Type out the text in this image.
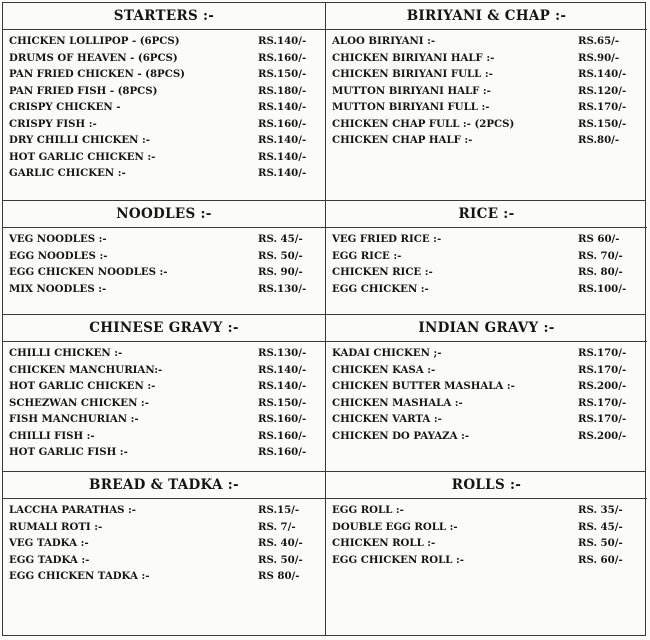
STARTERS :-
CHICKEN LOLLIPOP - (6PCS)	RS.140/-
DRUMS OF HEAVEN - (6PCS)	RS.160/-
PAN FRIED CHICKEN - (8PCS)	RS.150/-
PAN FRIED FISH - (8PCS)	RS.180/-
CRISPY CHICKEN -	RS.140/-
CRISPY FISH :-	RS.160/-
DRY CHILLI CHICKEN :-	RS.140/-
HOT GARLIC CHICKEN :-	RS.140/-
GARLIC CHICKEN :-	RS.140/-
BIRIYANI & CHAP :-
ALOO BIRIYANI :-	RS.65/-
CHICKEN BIRIYANI HALF :-	RS.90/-
CHICKEN BIRIYANI FULL :-	RS.140/-
MUTTON BIRIYANI HALF :-	RS.120/-
MUTTON BIRIYANI FULL :-	RS.170/-
CHICKEN CHAP FULL :- (2PCS)	RS.150/-
CHICKEN CHAP HALF :-	RS.80/-
NOODLES :-
VEG NOODLES :-	RS. 45/-
EGG NOODLES :-	RS. 50/-
EGG CHICKEN NOODLES :-	RS. 90/-
MIX NOODLES :-	RS.130/-
RICE :-
VEG FRIED RICE :-	RS 60/-
EGG RICE :-	RS. 70/-
CHICKEN RICE :-	RS. 80/-
EGG CHICKEN :-	RS.100/-
CHINESE GRAVY :-
CHILLI CHICKEN :-	RS.130/-
CHICKEN MANCHURIAN:-	RS.140/-
HOT GARLIC CHICKEN :-	RS.140/-
SCHEZWAN CHICKEN :-	RS.150/-
FISH MANCHURIAN :-	RS.160/-
CHILLI FISH :-	RS.160/-
HOT GARLIC FISH :-	RS.160/-
INDIAN GRAVY :-
KADAI CHICKEN ;-	RS.170/-
CHICKEN KASA :-	RS.170/-
CHICKEN BUTTER MASHALA :-	RS.200/-
CHICKEN MASHALA :-	RS.170/-
CHICKEN VARTA :-	RS.170/-
CHICKEN DO PAYAZA :-	RS.200/-
BREAD & TADKA :-
LACCHA PARATHAS :-	RS.15/-
RUMALI ROTI :-	RS. 7/-
VEG TADKA :-	RS. 40/-
EGG TADKA :-	RS. 50/-
EGG CHICKEN TADKA :-	RS 80/-
ROLLS :-
EGG ROLL :-	RS. 35/-
DOUBLE EGG ROLL :-	RS. 45/-
CHICKEN ROLL :-	RS. 50/-
EGG CHICKEN ROLL :-	RS. 60/-
